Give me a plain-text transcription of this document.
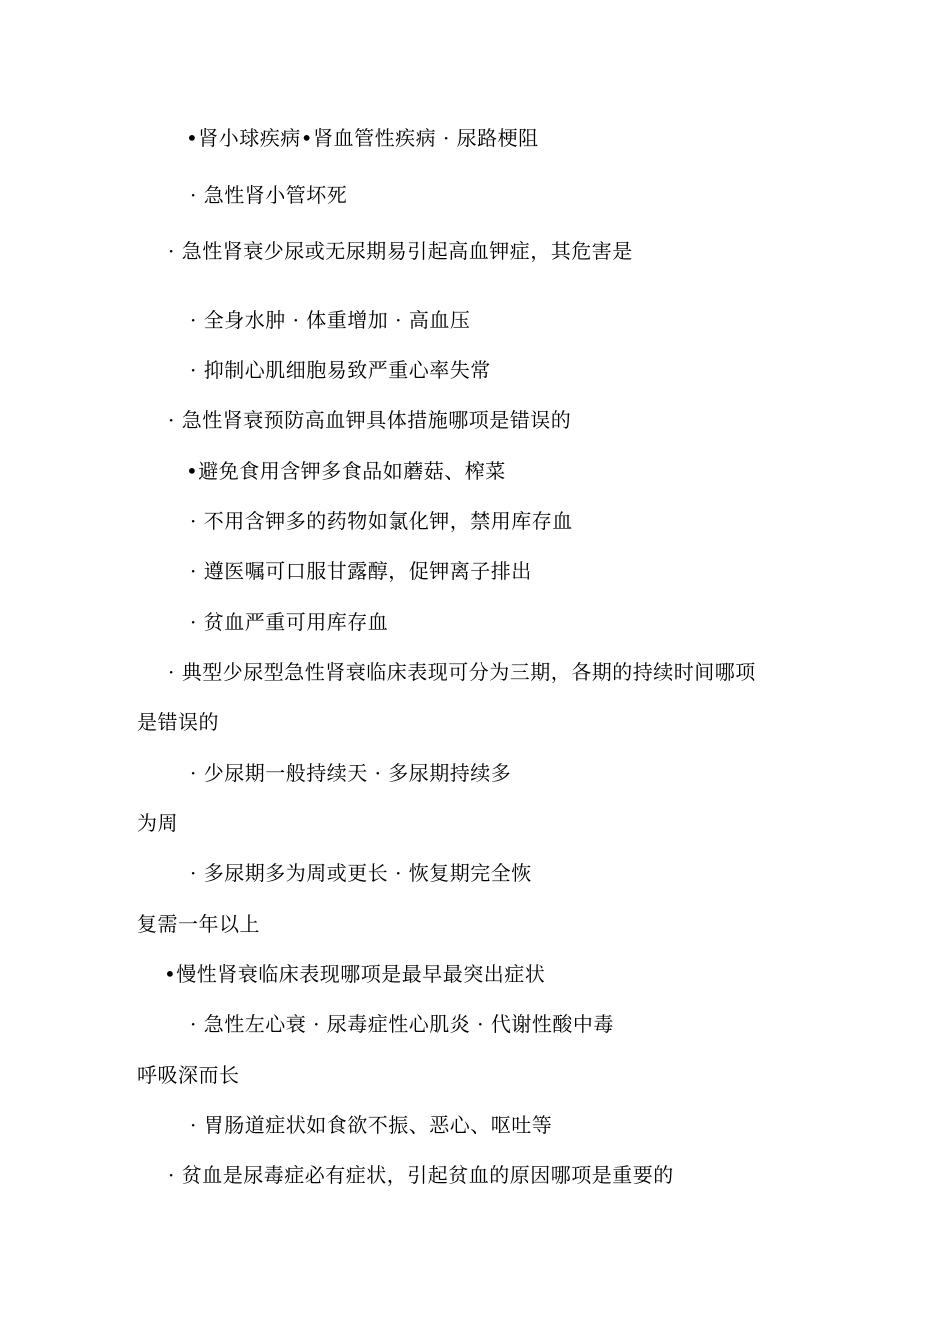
•肾小球疾病•肾血管性疾病 · 尿路梗阻
· 急性肾小管坏死
· 急性肾衰少尿或无尿期易引起高血钾症，其危害是
· 全身水肿 · 体重增加 · 高血压
· 抑制心肌细胞易致严重心率失常
· 急性肾衰预防高血钾具体措施哪项是错误的
•避免食用含钾多食品如蘑菇、榨菜
· 不用含钾多的药物如氯化钾，禁用库存血
· 遵医嘱可口服甘露醇，促钾离子排出
· 贫血严重可用库存血
· 典型少尿型急性肾衰临床表现可分为三期，各期的持续时间哪项
是错误的
· 少尿期一般持续天 · 多尿期持续多
为周
· 多尿期多为周或更长 · 恢复期完全恢
复需一年以上
•慢性肾衰临床表现哪项是最早最突出症状
· 急性左心衰 · 尿毒症性心肌炎 · 代谢性酸中毒
呼吸深而长
· 胃肠道症状如食欲不振、恶心、呕吐等
· 贫血是尿毒症必有症状，引起贫血的原因哪项是重要的
